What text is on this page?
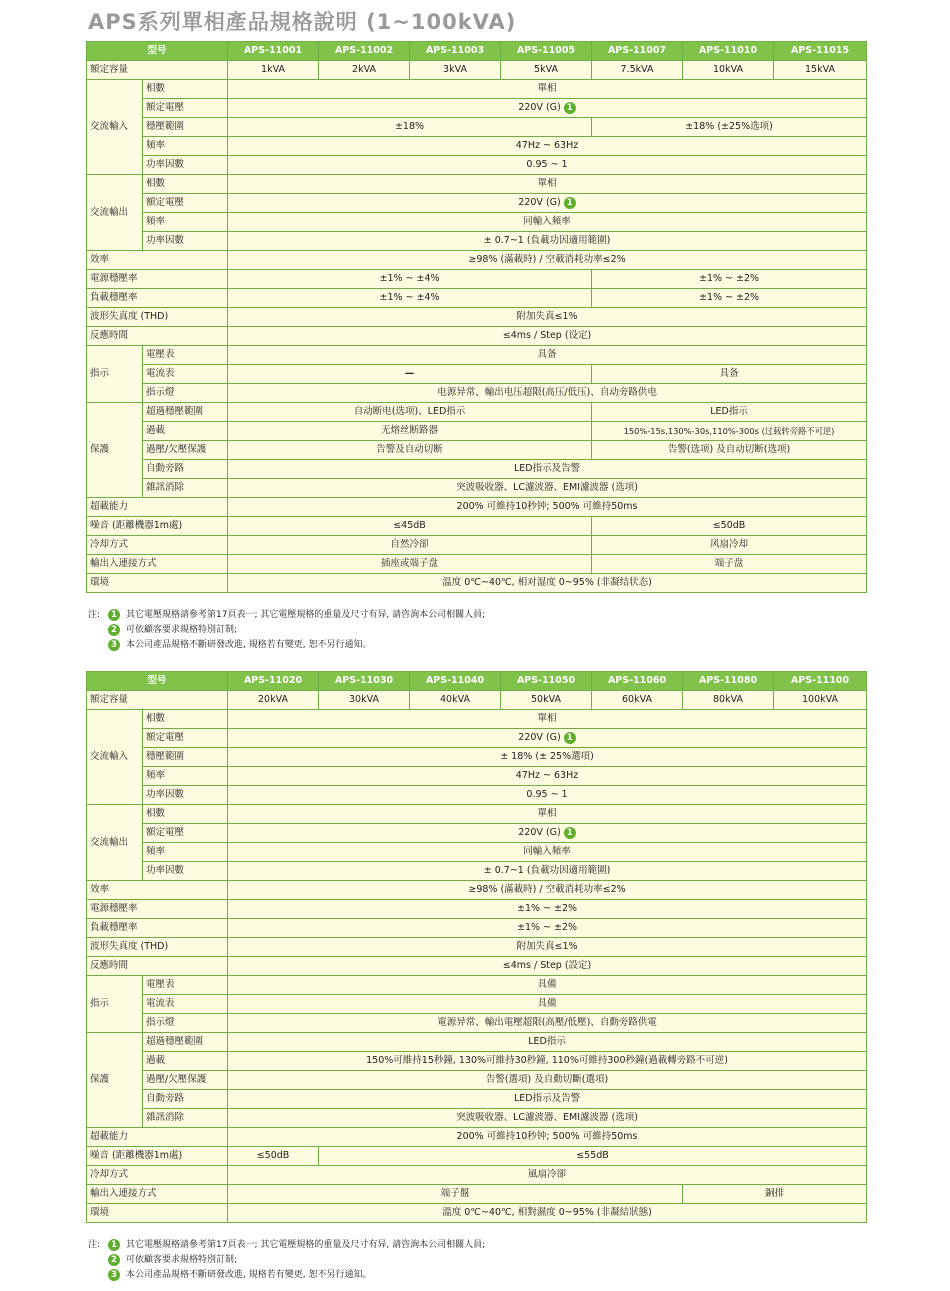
APS系列單相產品規格說明 (1~100kVA)
型号		APS-11001	APS-11002	APS-11003	APS-11005	APS-11007	APS-11010	APS-11015
額定容量		1kVA	2kVA	3kVA	5kVA	7.5kVA	10kVA	15kVA
交流輸入	相數	單相						
	額定電壓	220V (G) 1						
	穩壓範圍	±18%				±18% (±25%选项)		
	頻率	47Hz ~ 63Hz						
	功率因數	0.95 ~ 1						
交流輸出	相數	單相						
	額定電壓	220V (G) 1						
	頻率	同輸入頻率						
	功率因數	± 0.7~1 (負載功因適用範圍)						
效率		≥98% (滿載時) / 空載消耗功率≤2%						
電源穩壓率		±1% ~ ±4%				±1% ~ ±2%		
負載穩壓率		±1% ~ ±4%				±1% ~ ±2%		
波形失真度 (THD)		附加失真≤1%						
反應時間		≤4ms / Step (设定)						
指示	電壓表	具备						
	電流表	—				具备		
	指示燈	电源异常、輸出电压超限(高压/低压)、自动旁路供电						
保護	超過穩壓範圍	自动断电(选项)、LED指示				LED指示		
	過載	无熔丝断路器				150%-15s,130%-30s,110%-300s (过载转旁路不可逆)		
	過壓/欠壓保護	告警及自动切断				告警(选项) 及自动切断(选项)		
	自動旁路	LED指示及告警						
	雜訊消除	突波吸收器、LC濾波器、EMI濾波器 (选项)						
超載能力		200% 可維持10秒钟; 500% 可維持50ms						
噪音 (距離機器1m處)		≤45dB				≤50dB		
冷却方式		自然冷卻				风扇冷却		
輸出入連接方式		插座或端子盘				端子盘		
環境		温度 0℃~40℃, 相对湿度 0~95% (非凝结状态)						
注: 1 其它電壓規格請參考第17頁表一; 其它電壓規格的重量及尺寸有异, 請咨詢本公司相關人員;
2 可依顧客要求規格特別訂制;
3 本公司產品規格不斷研發改進, 規格若有變更, 恕不另行通知。
型号		APS-11020	APS-11030	APS-11040	APS-11050	APS-11060	APS-11080	APS-11100
額定容量		20kVA	30kVA	40kVA	50kVA	60kVA	80kVA	100kVA
交流輸入	相數	單相						
	額定電壓	220V (G) 1						
	穩壓範圍	± 18% (± 25%選項)						
	頻率	47Hz ~ 63Hz						
	功率因數	0.95 ~ 1						
交流輸出	相數	單相						
	額定電壓	220V (G) 1						
	頻率	同輸入頻率						
	功率因數	± 0.7~1 (負載功因適用範圍)						
效率		≥98% (滿載時) / 空載消耗功率≤2%						
電源穩壓率		±1% ~ ±2%						
負載穩壓率		±1% ~ ±2%						
波形失真度 (THD)		附加失真≤1%						
反應時間		≤4ms / Step (設定)						
指示	電壓表	具備						
	電流表	具備						
	指示燈	電源异常、輸出電壓超限(高壓/低壓)、自動旁路供電						
保護	超過穩壓範圍	LED指示						
	過載	150%可維持15秒鐘, 130%可維持30秒鐘, 110%可維持300秒鐘(過載轉旁路不可逆)						
	過壓/欠壓保護	告警(選項) 及自動切斷(選項)						
	自動旁路	LED指示及告警						
	雜訊消除	突波吸收器、LC濾波器、EMI濾波器 (选项)						
超載能力		200% 可維持10秒钟; 500% 可維持50ms						
噪音 (距離機器1m處)		≤50dB	≤55dB					
冷却方式		風扇冷卻						
輸出入連接方式		端子盤					銅排	
環境		溫度 0℃~40℃, 相對濕度 0~95% (非凝結狀態)						
注: 1 其它電壓規格請參考第17頁表一; 其它電壓規格的重量及尺寸有异, 請咨詢本公司相關人員;
2 可依顧客要求規格特別訂制;
3 本公司產品規格不斷研發改進, 規格若有變更, 恕不另行通知。
